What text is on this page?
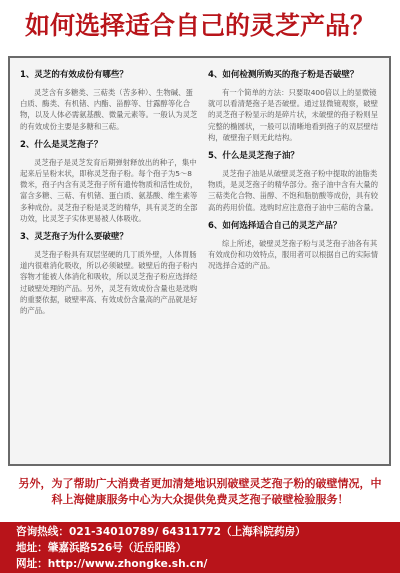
如何选择适合自己的灵芝产品？
1、灵芝的有效成份有哪些？

灵芝含有多糖类、三萜类（苦多种）、生物碱、蛋白质、酶类、有机锗、内酯、甾醇等、甘露醇等化合物，以及人体必需氨基酸、微量元素等。一般认为灵芝的有效成份主要是多糖和三萜。

2、什么是灵芝孢子？

灵芝孢子是灵芝发育后期弹射释放出的种子，集中起来后呈粉末状，即称灵芝孢子粉。每个孢子为5～8微米，孢子内含有灵芝孢子所有遗传物质和活性成份，富含多糖、三萜、有机锗、蛋白质、氨基酸、维生素等多种成份。灵芝孢子粉是灵芝的精华，具有灵芝的全部功效，比灵芝子实体更易被人体吸收。

3、灵芝孢子为什么要破壁？

灵芝孢子粉具有双层坚硬的几丁质外壁，人体胃肠道内很难消化吸收，所以必须破壁。破壁后的孢子粉内容物才能被人体消化和吸收，所以灵芝孢子粉应选择经过破壁处理的产品。另外，灵芝有效成份含量也是选购的重要依据，破壁率高、有效成份含量高的产品就是好的产品。

4、如何检测所购买的孢子粉是否破壁？

有一个简单的方法：只要取400倍以上的显微镜就可以看清楚孢子是否破壁。通过显微镜观察，破壁的灵芝孢子粉显示的是碎片状，未破壁的孢子粉则呈完整的椭圆状，一般可以清晰地看到孢子的双层壁结构，破壁孢子则无此结构。

5、什么是灵芝孢子油？

灵芝孢子油是从破壁灵芝孢子粉中提取的油脂类物质，是灵芝孢子的精华部分。孢子油中含有大量的三萜类化合物、甾醇、不饱和脂肪酸等成份，具有较高的药用价值。选购时应注意孢子油中三萜的含量。

6、如何选择适合自己的灵芝产品？

综上所述，破壁灵芝孢子粉与灵芝孢子油各有其有效成份和功效特点，服用者可以根据自己的实际情况选择合适的产品。

另外，为了帮助广大消费者更加清楚地识别破壁灵芝孢子粉的破壁情况，中科上海健康服务中心为大众提供免费灵芝孢子破壁检验服务！
咨询热线：021-34010789/ 64311772（上海科院药房）
地址：肇嘉浜路526号（近岳阳路）
网址：http://www.zhongke.sh.cn/
